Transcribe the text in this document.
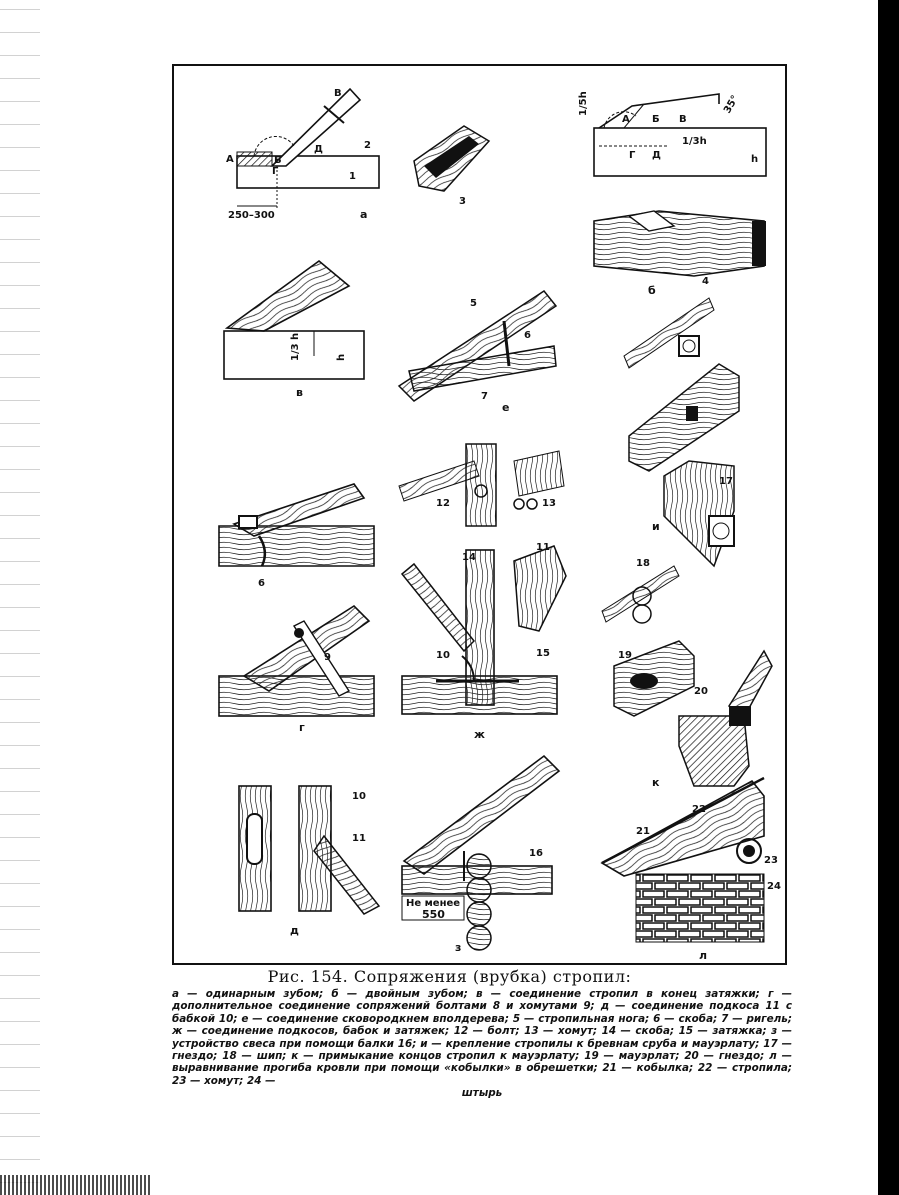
В
А	Б
Д
Г	1
2
250–300	а
3
1/5h
А Б В
Г Д
1/3h
35°
h
4
б
1/3 h	h
в
5
6
7
е
17
18
и
19
20
к
6
12	13
14
11
10	15
ж
9
г
10
11
д
Не менее
550
16
з
21
22
23
24
л
Рис. 154. Сопряжения (врубка) стропил:
а — одинарным зубом; б — двойным зубом; в — соединение стропил в конец затяжки; г — дополнительное соединение сопряжений болтами 8 и хомутами 9; д — соединение подкоса 11 с бабкой 10; е — соединение сковородкнем вполдерева; 5 — стропильная нога; 6 — скоба; 7 — ригель; ж — соединение подкосов, бабок и затяжек; 12 — болт; 13 — хомут; 14 — скоба; 15 — затяжка; з — устройство свеса при помощи балки 16; и — крепление стропилы к бревнам сруба и мауэрлату; 17 — гнездо; 18 — шип; к — примыкание концов стропил к мауэрлату; 19 — мауэрлат; 20 — гнездо; л — выравнивание прогиба кровли при помощи «кобылки» в обрешетки; 21 — кобылка; 22 — стропила; 23 — хомут; 24 —
штырь
